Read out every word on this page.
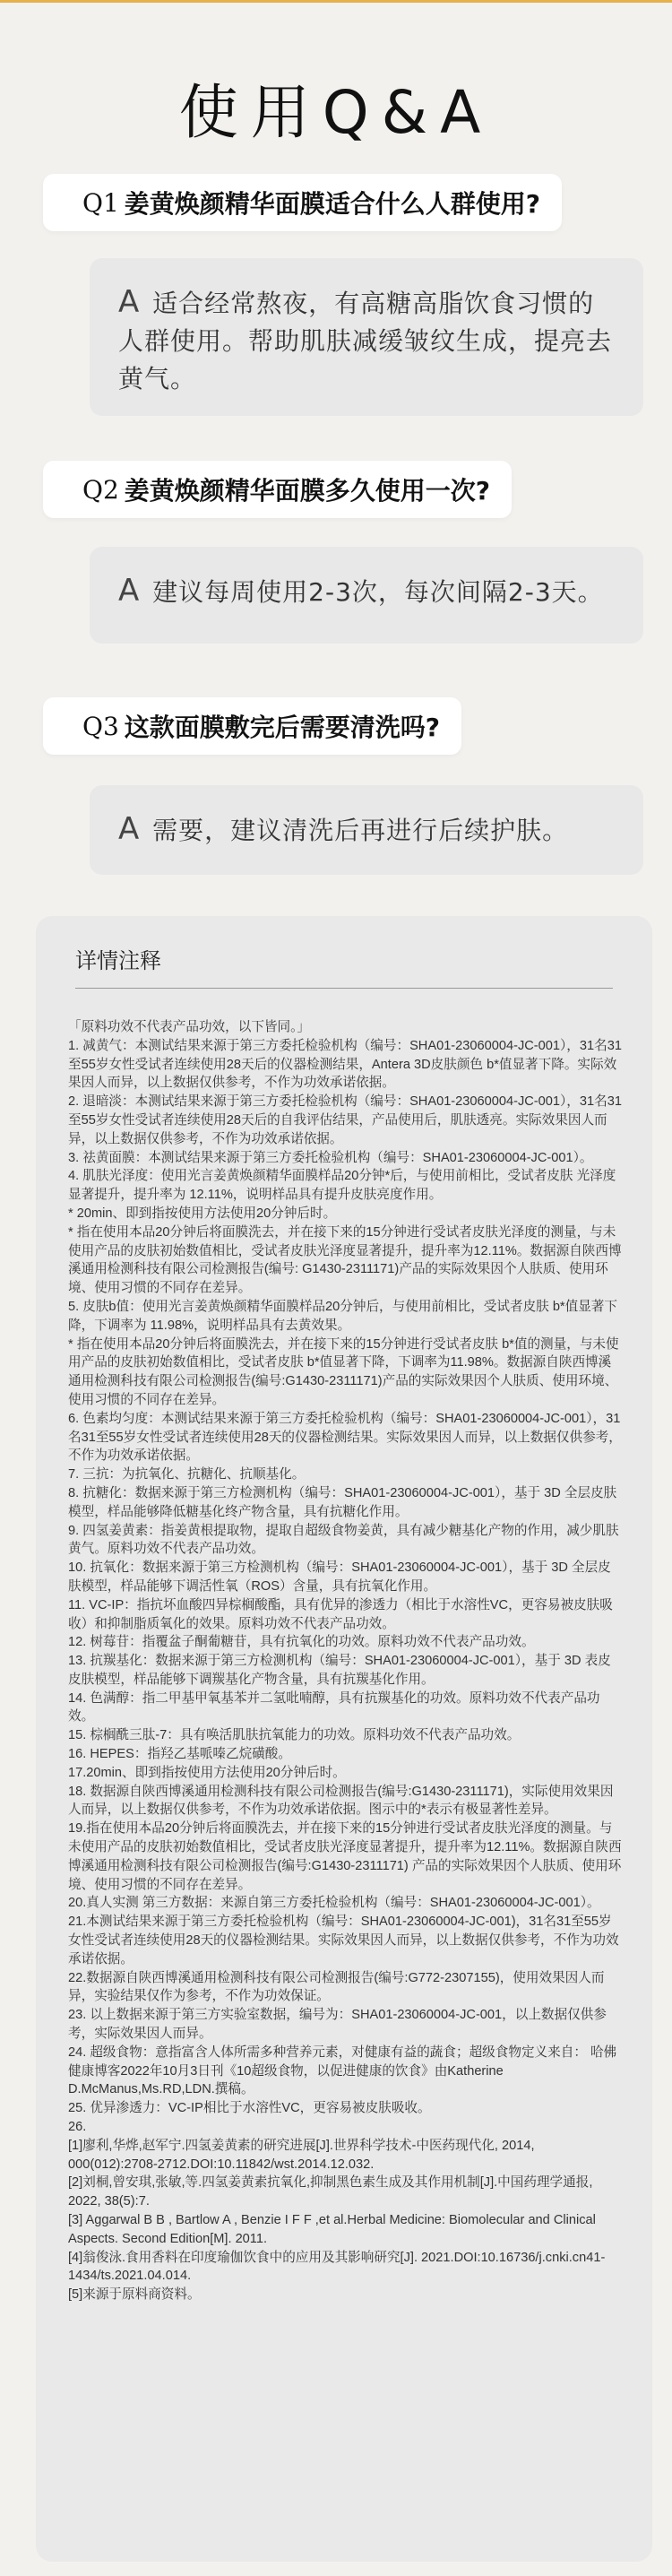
使用Q&A
Q1 姜黄焕颜精华面膜适合什么人群使用?
A 适合经常熬夜，有高糖高脂饮食习惯的人群使用。帮助肌肤减缓皱纹生成，提亮去黄气。
Q2 姜黄焕颜精华面膜多久使用一次?
A 建议每周使用2-3次，每次间隔2-3天。
Q3 这款面膜敷完后需要清洗吗?
A 需要，建议清洗后再进行后续护肤。
详情注释

「原料功效不代表产品功效，以下皆同。」

1. 减黄气：本测试结果来源于第三方委托检验机构（编号：SHA01-23060004-JC-001），31名31至55岁女性受试者连续使用28天后的仪器检测结果，Antera 3D皮肤颜色 b*值显著下降。实际效果因人而异，以上数据仅供参考，不作为功效承诺依据。

2. 退暗淡：本测试结果来源于第三方委托检验机构（编号：SHA01-23060004-JC-001），31名31至55岁女性受试者连续使用28天后的自我评估结果，产品使用后，肌肤透亮。实际效果因人而异，以上数据仅供参考，不作为功效承诺依据。

3. 祛黄面膜：本测试结果来源于第三方委托检验机构（编号：SHA01-23060004-JC-001）。

4. 肌肤光泽度：使用光言姜黄焕颜精华面膜样品20分钟*后，与使用前相比，受试者皮肤 光泽度显著提升，提升率为 12.11%，说明样品具有提升皮肤亮度作用。

* 20min、即到指按使用方法使用20分钟后时。

* 指在使用本品20分钟后将面膜洗去，并在接下来的15分钟进行受试者皮肤光泽度的测量，与未使用产品的皮肤初始数值相比，受试者皮肤光泽度显著提升，提升率为12.11%。数据源自陕西博溪通用检测科技有限公司检测报告(编号: G1430-2311171)产品的实际效果因个人肤质、使用环境、使用习惯的不同存在差异。

5. 皮肤b值：使用光言姜黄焕颜精华面膜样品20分钟后，与使用前相比，受试者皮肤 b*值显著下降，下调率为 11.98%，说明样品具有去黄效果。

* 指在使用本品20分钟后将面膜洗去，并在接下来的15分钟进行受试者皮肤 b*值的测量，与未使用产品的皮肤初始数值相比，受试者皮肤 b*值显著下降，下调率为11.98%。数据源自陕西博溪通用检测科技有限公司检测报告(编号:G1430-2311171)产品的实际效果因个人肤质、使用环境、使用习惯的不同存在差异。

6. 色素均匀度：本测试结果来源于第三方委托检验机构（编号：SHA01-23060004-JC-001），31名31至55岁女性受试者连续使用28天的仪器检测结果。实际效果因人而异，以上数据仅供参考，不作为功效承诺依据。

7. 三抗：为抗氧化、抗糖化、抗顺基化。

8. 抗糖化：数据来源于第三方检测机构（编号：SHA01-23060004-JC-001），基于 3D 全层皮肤模型，样品能够降低糖基化终产物含量，具有抗糖化作用。

9. 四氢姜黄素：指姜黄根提取物，提取自超级食物姜黄，具有减少糖基化产物的作用，减少肌肤黄气。原料功效不代表产品功效。

10. 抗氧化：数据来源于第三方检测机构（编号：SHA01-23060004-JC-001），基于 3D 全层皮肤模型，样品能够下调活性氧（ROS）含量，具有抗氧化作用。

11. VC-IP：指抗坏血酸四异棕榈酸酯，具有优异的渗透力（相比于水溶性VC，更容易被皮肤吸收）和抑制脂质氧化的效果。原料功效不代表产品功效。

12. 树莓苷：指覆盆子酮葡糖苷，具有抗氧化的功效。原料功效不代表产品功效。

13. 抗羰基化：数据来源于第三方检测机构（编号：SHA01-23060004-JC-001），基于 3D 表皮皮肤模型，样品能够下调羰基化产物含量，具有抗羰基化作用。

14. 色满醇：指二甲基甲氧基苯并二氢吡喃醇，具有抗羰基化的功效。原料功效不代表产品功效。

15. 棕榈酰三肽-7：具有唤活肌肤抗氧能力的功效。原料功效不代表产品功效。

16. HEPES：指羟乙基哌嗪乙烷磺酸。

17.20min、即到指按使用方法使用20分钟后时。

18. 数据源自陕西博溪通用检测科技有限公司检测报告(编号:G1430-2311171)，实际使用效果因人而异，以上数据仅供参考，不作为功效承诺依据。图示中的*表示有极显著性差异。

19.指在使用本品20分钟后将面膜洗去，并在接下来的15分钟进行受试者皮肤光泽度的测量。与未使用产品的皮肤初始数值相比，受试者皮肤光泽度显著提升，提升率为12.11%。数据源自陕西博溪通用检测科技有限公司检测报告(编号:G1430-2311171) 产品的实际效果因个人肤质、使用环境、使用习惯的不同存在差异。

20.真人实测 第三方数据：来源自第三方委托检验机构（编号：SHA01-23060004-JC-001）。

21.本测试结果来源于第三方委托检验机构（编号：SHA01-23060004-JC-001)，31名31至55岁女性受试者连续使用28天的仪器检测结果。实际效果因人而异，以上数据仅供参考，不作为功效承诺依据。

22.数据源自陕西博溪通用检测科技有限公司检测报告(编号:G772-2307155)，使用效果因人而异，实验结果仅作为参考，不作为功效保证。

23. 以上数据来源于第三方实验室数据，编号为：SHA01-23060004-JC-001，以上数据仅供参考，实际效果因人而异。

24. 超级食物：意指富含人体所需多种营养元素，对健康有益的蔬食；超级食物定义来自： 哈佛健康博客2022年10月3日刊《10超级食物，以促进健康的饮食》由Katherine D.McManus,Ms.RD,LDN.撰稿。

25. 优异渗透力：VC-IP相比于水溶性VC，更容易被皮肤吸收。

26.

[1]廖利,华烨,赵军宁.四氢姜黄素的研究进展[J].世界科学技术-中医药现代化, 2014, 000(012):2708-2712.DOI:10.11842/wst.2014.12.032.

[2]刘桐,曾安琪,张敏,等.四氢姜黄素抗氧化,抑制黑色素生成及其作用机制[J].中国药理学通报, 2022, 38(5):7.

[3] Aggarwal B B , Bartlow A , Benzie I F F ,et al.Herbal Medicine: Biomolecular and Clinical Aspects. Second Edition[M]. 2011.

[4]翁俊泳.食用香料在印度瑜伽饮食中的应用及其影响研究[J]. 2021.DOI:10.16736/j.cnki.cn41-1434/ts.2021.04.014.

[5]来源于原料商资料。
